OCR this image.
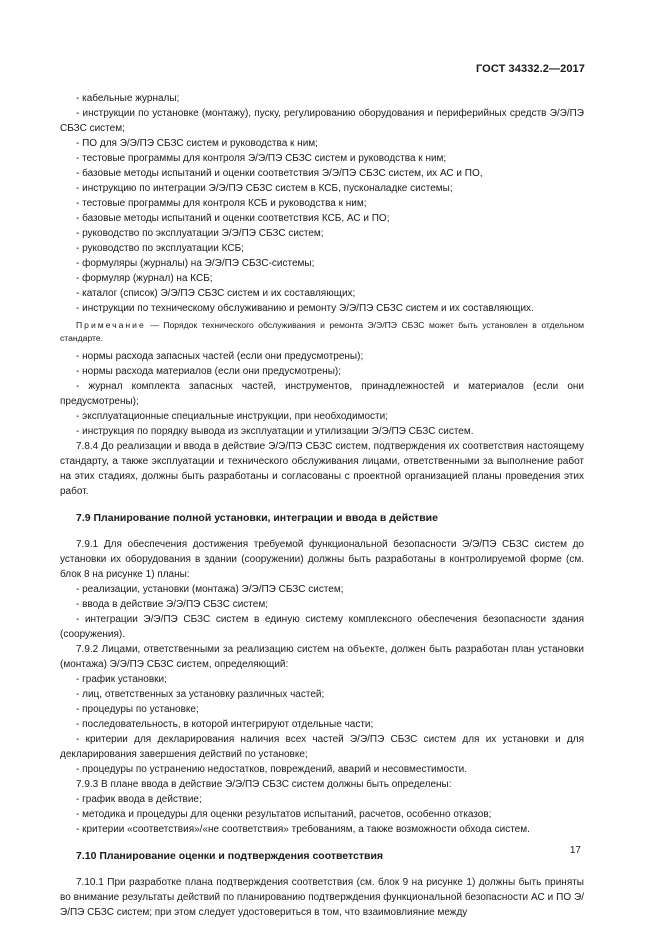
ГОСТ 34332.2—2017

- кабельные журналы;

- инструкции по установке (монтажу), пуску, регулированию оборудования и периферийных средств Э/Э/ПЭ СБЗС систем;

- ПО для Э/Э/ПЭ СБЗС систем и руководства к ним;

- тестовые программы для контроля Э/Э/ПЭ СБЗС систем и руководства к ним;

- базовые методы испытаний и оценки соответствия Э/Э/ПЭ СБЗС систем, их АС и ПО,

- инструкцию по интеграции Э/Э/ПЭ СБЗС систем в КСБ, пусконаладке системы;

- тестовые программы для контроля КСБ и руководства к ним;

- базовые методы испытаний и оценки соответствия КСБ, АС и ПО;

- руководство по эксплуатации Э/Э/ПЭ СБЗС систем;

- руководство по эксплуатации КСБ;

- формуляры (журналы) на Э/Э/ПЭ СБЗС-системы;

- формуляр (журнал) на КСБ;

- каталог (список) Э/Э/ПЭ СБЗС систем и их составляющих;

- инструкции по техническому обслуживанию и ремонту Э/Э/ПЭ СБЗС систем и их составляющих.

Примечание — Порядок технического обслуживания и ремонта Э/Э/ПЭ СБЗС может быть установлен в отдельном стандарте.

- нормы расхода запасных частей (если они предусмотрены);

- нормы расхода материалов (если они предусмотрены);

- журнал комплекта запасных частей, инструментов, принадлежностей и материалов (если они предусмотрены);

- эксплуатационные специальные инструкции, при необходимости;

- инструкция по порядку вывода из эксплуатации и утилизации Э/Э/ПЭ СБЗС систем.

7.8.4 До реализации и ввода в действие Э/Э/ПЭ СБЗС систем, подтверждения их соответствия настоящему стандарту, а также эксплуатации и технического обслуживания лицами, ответственными за выполнение работ на этих стадиях, должны быть разработаны и согласованы с проектной организацией планы проведения этих работ.

7.9 Планирование полной установки, интеграции и ввода в действие

7.9.1 Для обеспечения достижения требуемой функциональной безопасности Э/Э/ПЭ СБЗС систем до установки их оборудования в здании (сооружении) должны быть разработаны в контролируемой форме (см. блок 8 на рисунке 1) планы:

- реализации, установки (монтажа) Э/Э/ПЭ СБЗС систем;

- ввода в действие Э/Э/ПЭ СБЗС систем;

- интеграции Э/Э/ПЭ СБЗС систем в единую систему комплексного обеспечения безопасности здания (сооружения).

7.9.2 Лицами, ответственными за реализацию систем на объекте, должен быть разработан план установки (монтажа) Э/Э/ПЭ СБЗС систем, определяющий:

- график установки;

- лиц, ответственных за установку различных частей;

- процедуры по установке;

- последовательность, в которой интегрируют отдельные части;

- критерии для декларирования наличия всех частей Э/Э/ПЭ СБЗС систем для их установки и для декларирования завершения действий по установке;

- процедуры по устранению недостатков, повреждений, аварий и несовместимости.

7.9.3 В плане ввода в действие Э/Э/ПЭ СБЗС систем должны быть определены:

- график ввода в действие;

- методика и процедуры для оценки результатов испытаний, расчетов, особенно отказов;

- критерии «соответствия»/«не соответствия» требованиям, а также возможности обхода систем.

7.10 Планирование оценки и подтверждения соответствия

7.10.1 При разработке плана подтверждения соответствия (см. блок 9 на рисунке 1) должны быть приняты во внимание результаты действий по планированию подтверждения функциональной безопасности АС и ПО Э/Э/ПЭ СБЗС систем; при этом следует удостовериться в том, что взаимовлияние между

17
